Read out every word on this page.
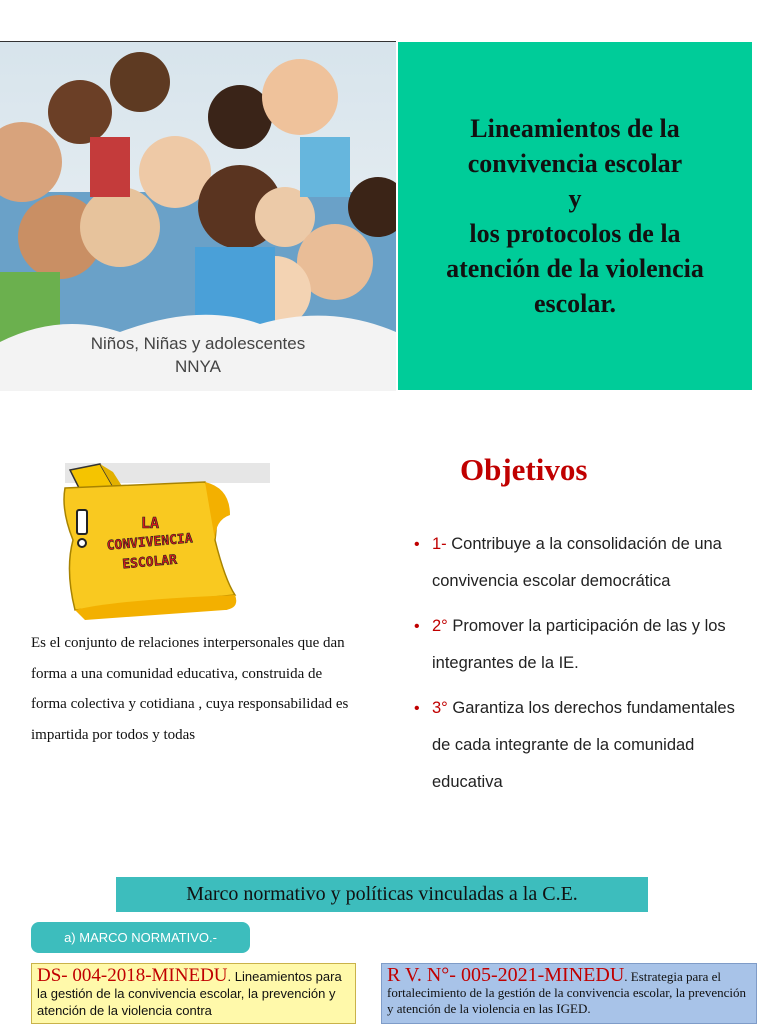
Niños, Niñas y adolescentes
NNYA
Lineamientos de la
convivencia escolar
y
los protocolos de la
atención de la violencia
escolar.
LA
CONVIVENCIA
ESCOLAR
Es el conjunto de relaciones interpersonales que dan forma a una comunidad educativa, construida de forma colectiva y cotidiana , cuya responsabilidad es impartida por todos y todas
Objetivos
• 1- Contribuye a la consolidación de una convivencia escolar democrática
• 2° Promover la participación de las y los integrantes de la IE.
• 3° Garantiza los derechos fundamentales de cada integrante de la comunidad educativa
Marco normativo y políticas vinculadas a la C.E.
a) MARCO NORMATIVO.-
DS- 004-2018-MINEDU. Lineamientos para la gestión de la convivencia escolar, la prevención y atención de la violencia contra
R V. N°- 005-2021-MINEDU. Estrategia para el fortalecimiento de la gestión de la convivencia escolar, la prevención y atención de la violencia en las IGED.
